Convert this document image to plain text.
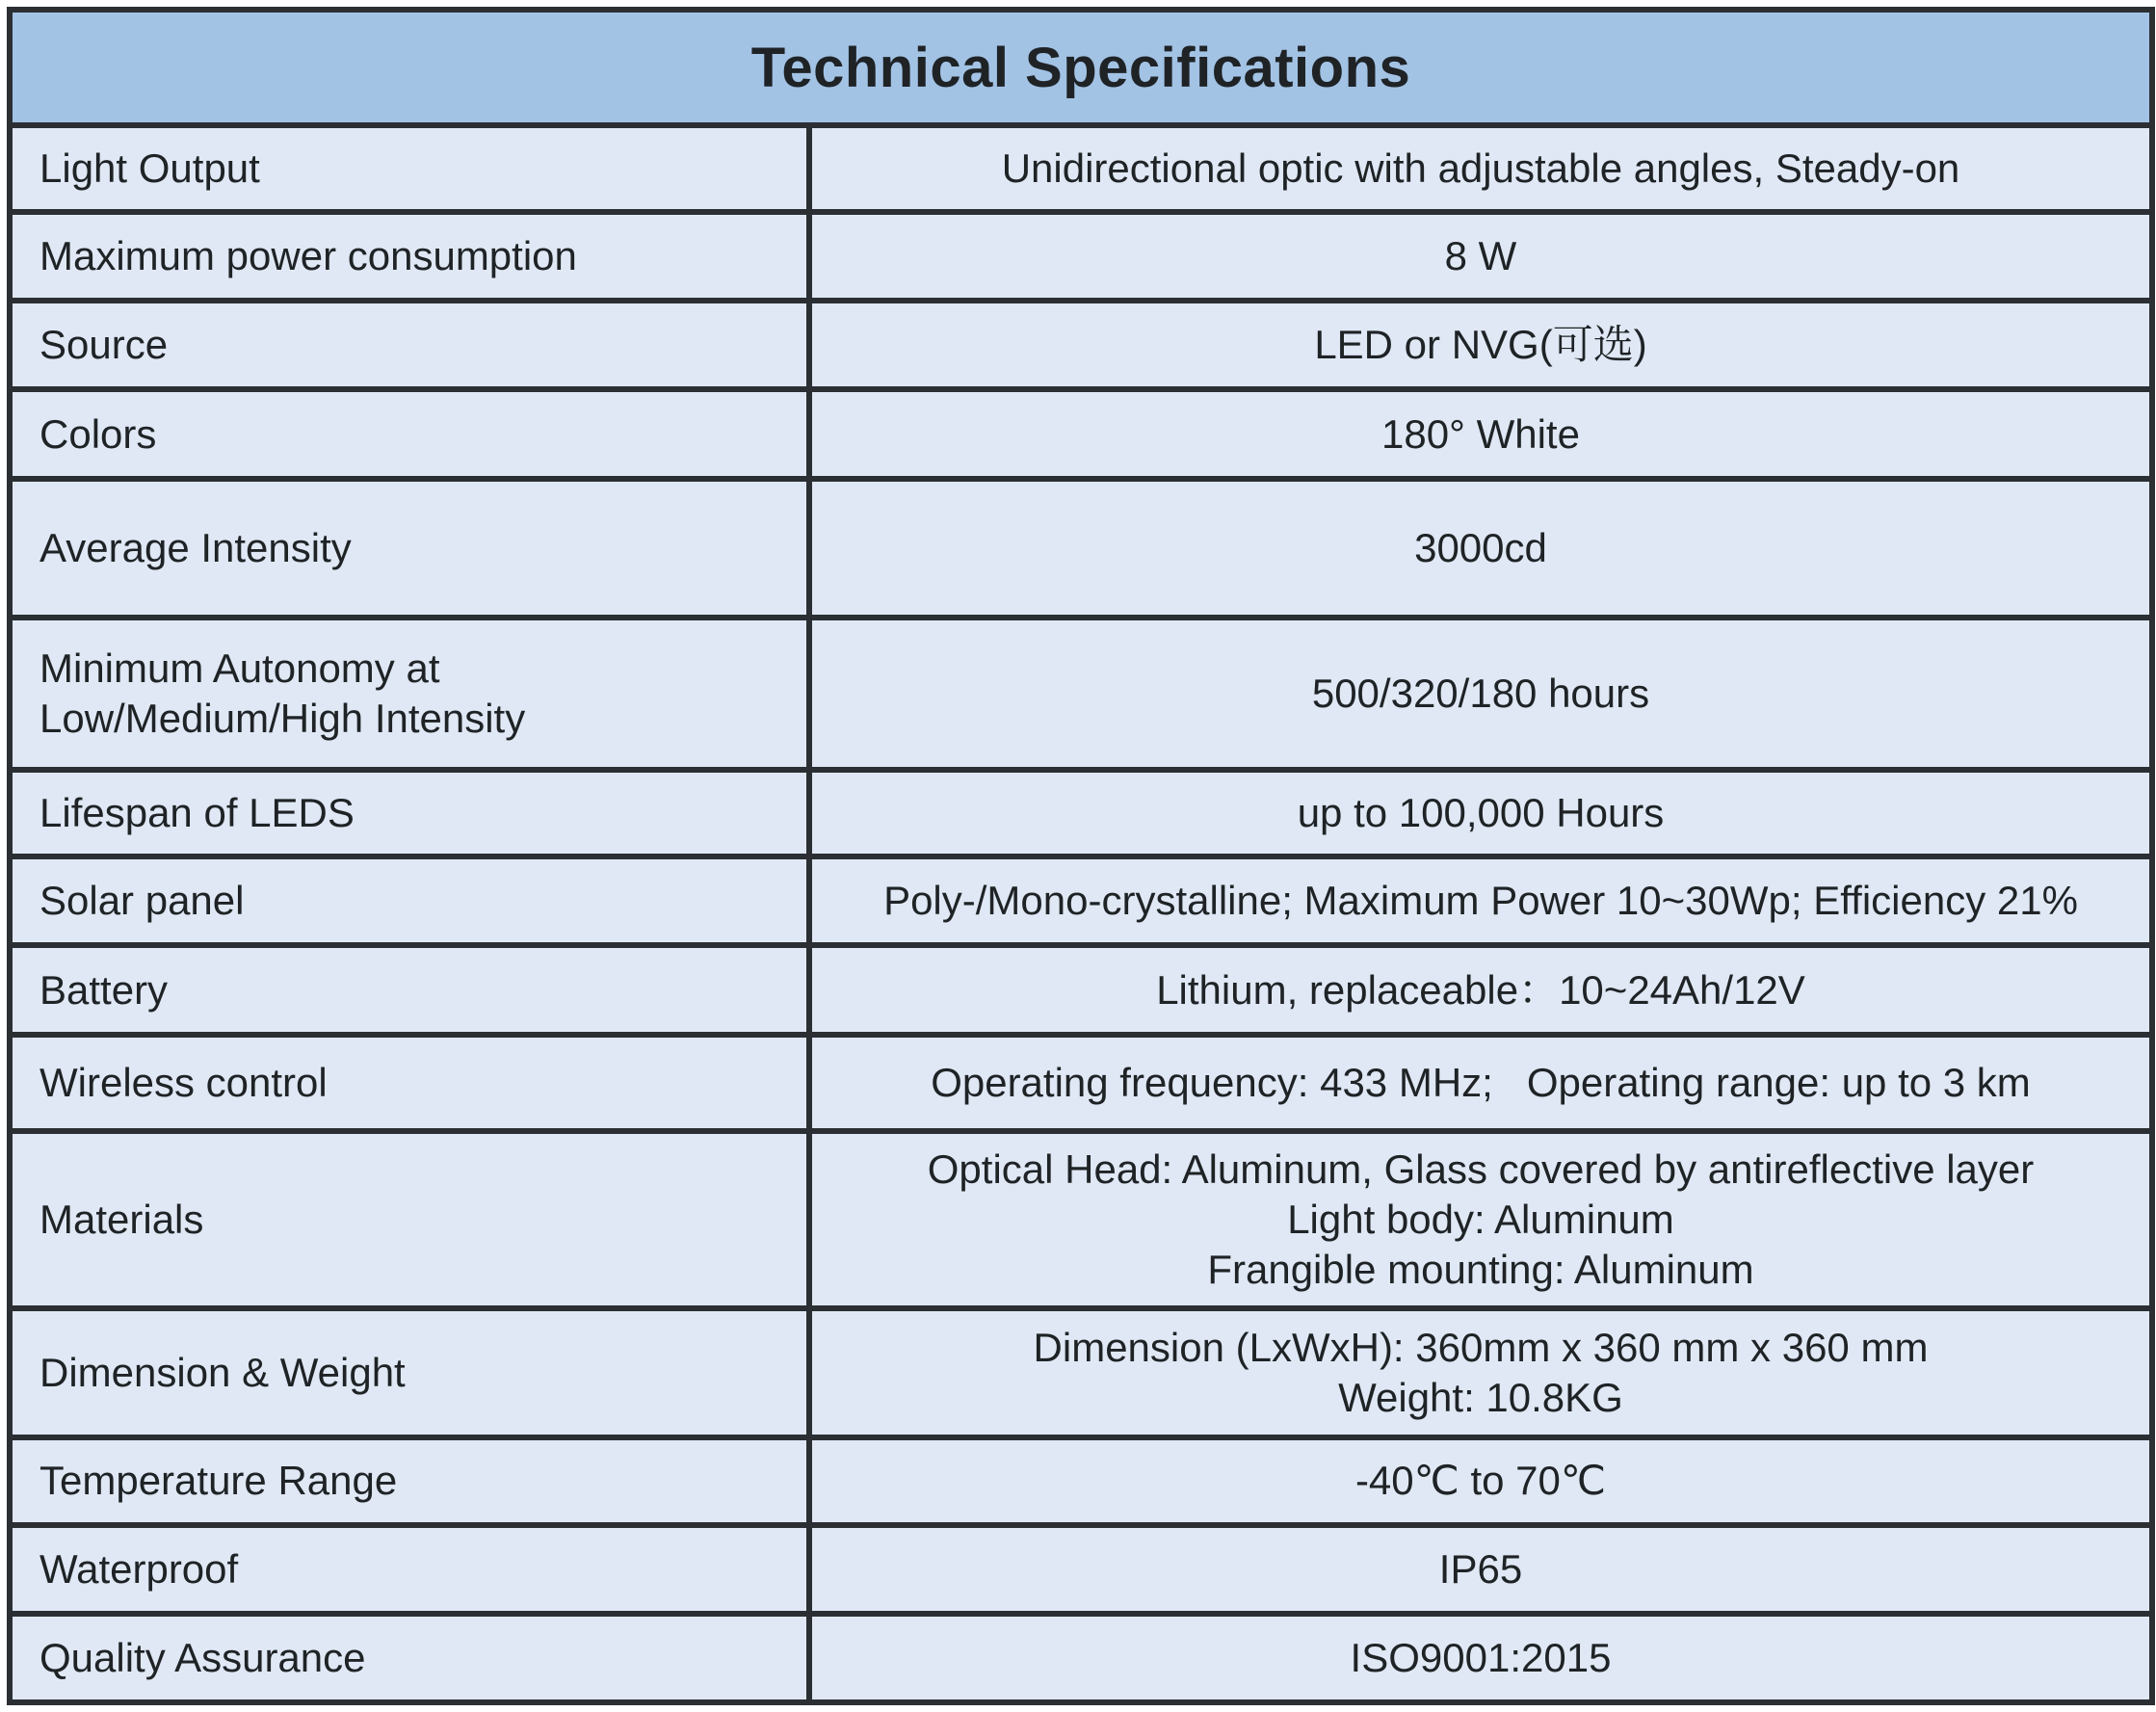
Technical Specifications	
Light Output	Unidirectional optic with adjustable angles, Steady-on
Maximum power consumption	8 W
Source	LED or NVG(可选)
Colors	180° White
Average Intensity	3000cd

Minimum Autonomy at
Low/Medium/High Intensity	500/320/180 hours
Lifespan of LEDS	up to 100,000 Hours
Solar panel	Poly-/Mono-crystalline; Maximum Power 10~30Wp; Efficiency 21%
Battery	Lithium, replaceable：10~24Ah/12V
Wireless control	Operating frequency: 433 MHz;   Operating range: up to 3 km
Materials	Optical Head: Aluminum, Glass covered by antireflective layer
Light body: Aluminum
Frangible mounting: Aluminum

Dimension & Weight	Dimension (LxWxH): 360mm x 360 mm x 360 mm
Weight: 10.8KG

Temperature Range	-40℃ to 70℃
Waterproof	IP65
Quality Assurance	ISO9001:2015
